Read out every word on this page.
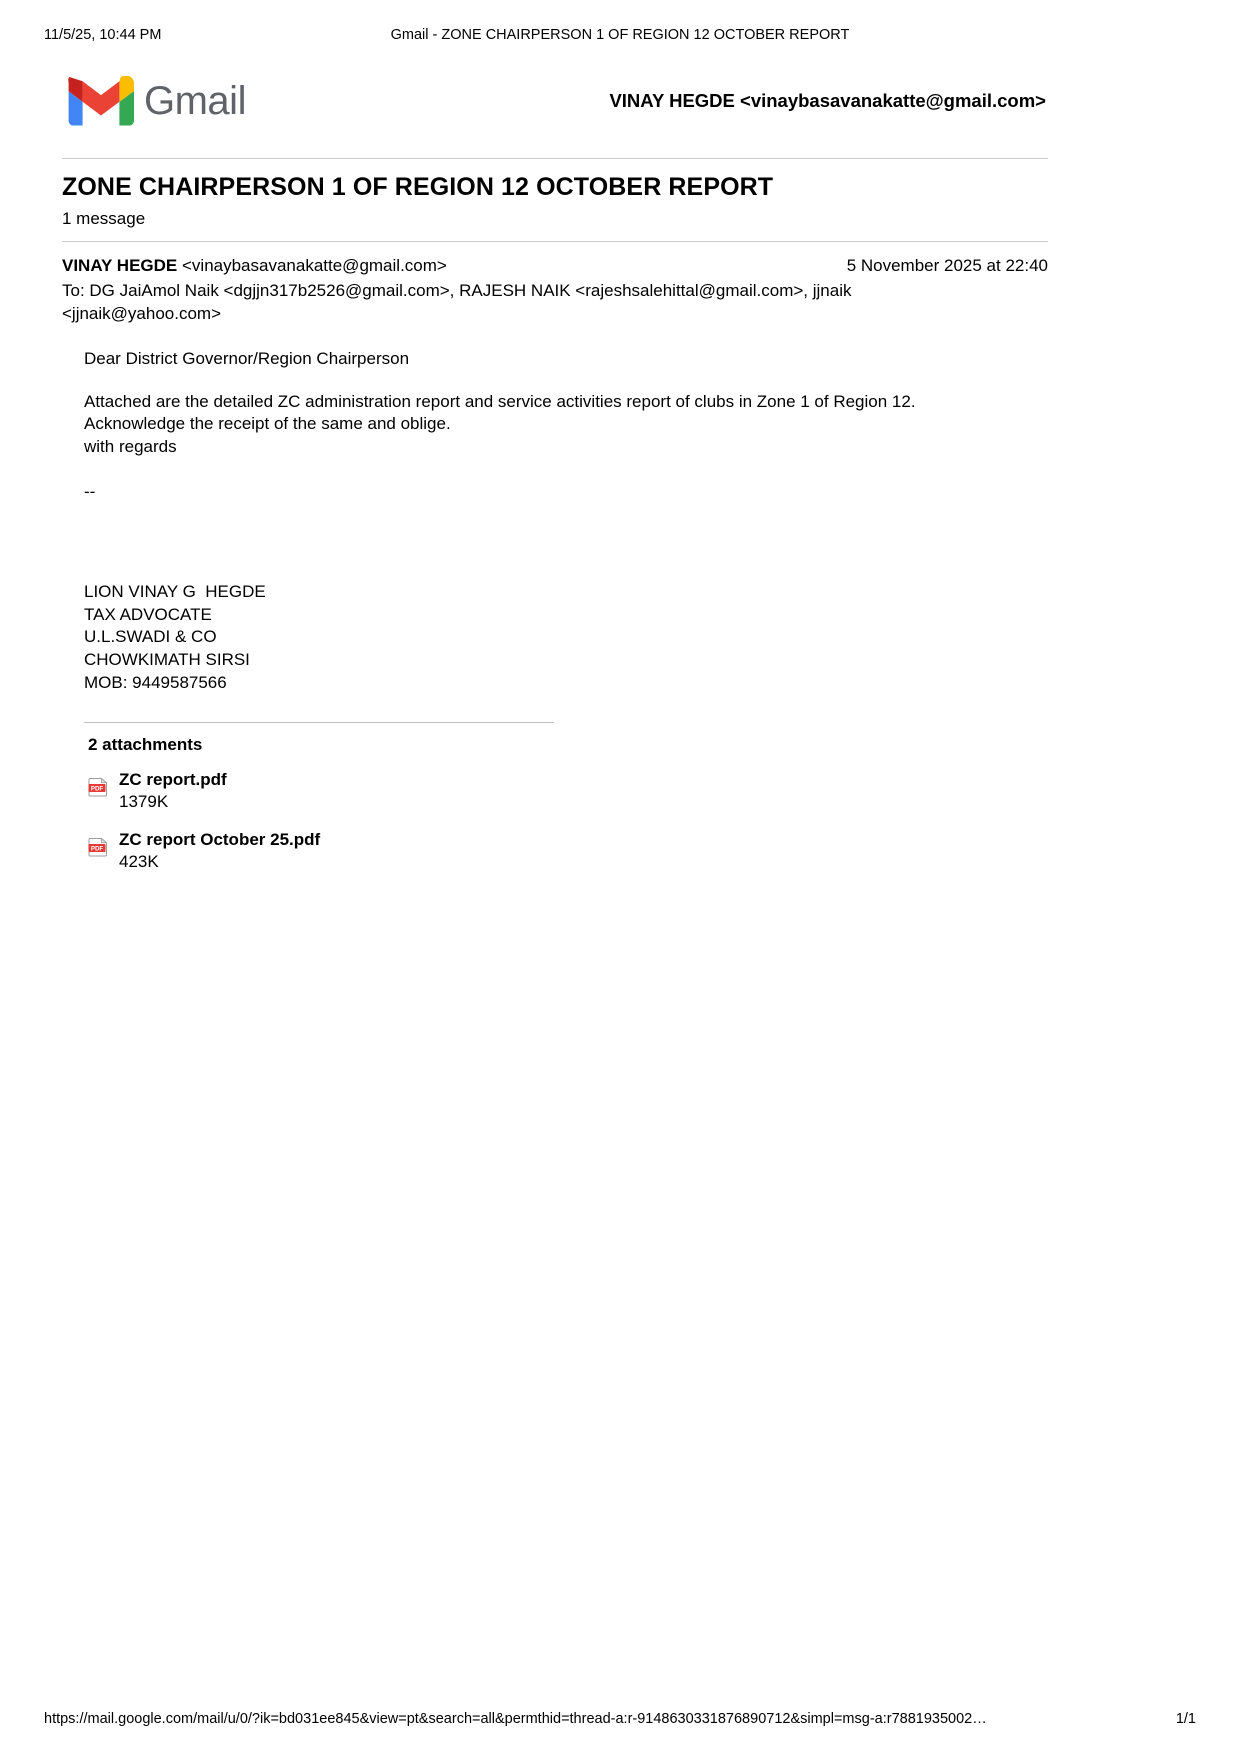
11/5/25, 10:44 PM	Gmail - ZONE CHAIRPERSON 1 OF REGION 12 OCTOBER REPORT
Gmail	VINAY HEGDE <vinaybasavanakatte@gmail.com>
ZONE CHAIRPERSON 1 OF REGION 12 OCTOBER REPORT
1 message
VINAY HEGDE <vinaybasavanakatte@gmail.com>	5 November 2025 at 22:40
To: DG JaiAmol Naik <dgjjn317b2526@gmail.com>, RAJESH NAIK <rajeshsalehittal@gmail.com>, jjnaik <jjnaik@yahoo.com>

Dear District Governor/Region Chairperson

Attached are the detailed ZC administration report and service activities report of clubs in Zone 1 of Region 12.

Acknowledge the receipt of the same and oblige.

with regards

--

LION VINAY G  HEGDE

TAX ADVOCATE

U.L.SWADI & CO

CHOWKIMATH SIRSI

MOB: 9449587566

2 attachments
PDF ZC report.pdf
1379K
PDF ZC report October 25.pdf
423K
https://mail.google.com/mail/u/0/?ik=bd031ee845&view=pt&search=all&permthid=thread-a:r-9148630331876890712&simpl=msg-a:r7881935002…	1/1
